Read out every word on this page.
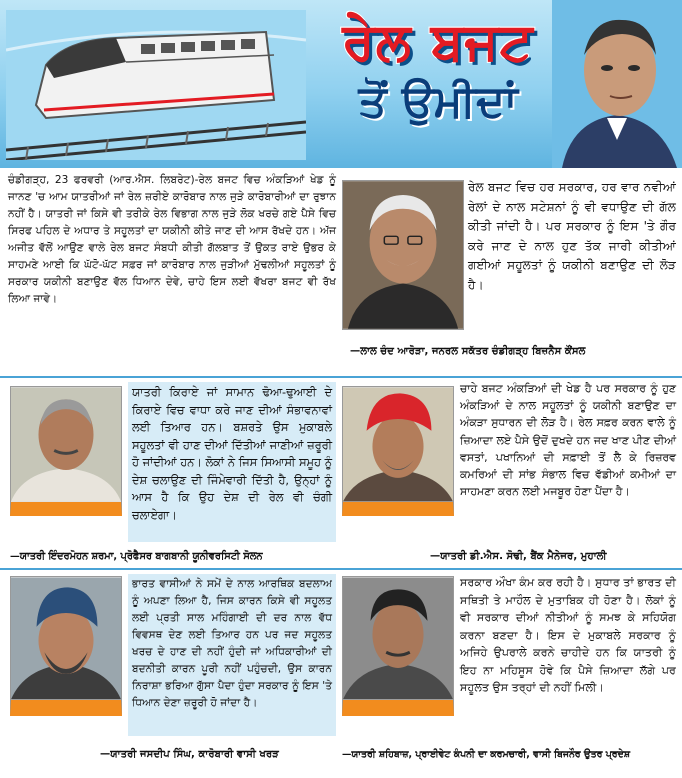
ਰੇਲ ਬਜਟ
ਤੋਂ ਉਮੀਦਾਂ
ਚੰਡੀਗੜ੍ਹ, 23 ਫਰਵਰੀ (ਆਰ.ਐਸ. ਲਿਬਰੇਟ)-ਰੇਲ ਬਜਟ ਵਿਚ ਅੰਕੜਿਆਂ ਖੇਡ ਨੂੰ ਜਾਨਣ 'ਚ ਆਮ ਯਾਤਰੀਆਂ ਜਾਂ ਰੇਲ ਜ਼ਰੀਏ ਕਾਰੋਬਾਰ ਨਾਲ ਜੁੜੇ ਕਾਰੋਬਾਰੀਆਂ ਦਾ ਰੁਝਾਨ ਨਹੀਂ ਹੈ। ਯਾਤਰੀ ਜਾਂ ਕਿਸੇ ਵੀ ਤਰੀਕੇ ਰੇਲ ਵਿਭਾਗ ਨਾਲ ਜੁੜੇ ਲੋਕ ਖਰਚੇ ਗਏ ਪੈਸੇ ਵਿਚ ਸਿਰਫ ਪਹਿਲ ਦੇ ਅਧਾਰ ਤੇ ਸਹੂਲਤਾਂ ਦਾ ਯਕੀਨੀ ਕੀਤੇ ਜਾਣ ਦੀ ਆਸ ਰੱਖਦੇ ਹਨ। ਅੱਜ ਅਜੀਤ ਵੱਲੋਂ ਆਉਣ ਵਾਲੇ ਰੇਲ ਬਜਟ ਸੰਬਧੀ ਕੀਤੀ ਗੱਲਬਾਤ ਤੋਂ ਉਕਤ ਰਾਏ ਉਭਰ ਕੇ ਸਾਹਮਣੇ ਆਈ ਕਿ ਘੱਟੋ-ਘੱਟ ਸਫ਼ਰ ਜਾਂ ਕਾਰੋਬਾਰ ਨਾਲ ਜੁੜੀਆਂ ਮੁੱਢਲੀਆਂ ਸਹੂਲਤਾਂ ਨੂੰ ਸਰਕਾਰ ਯਕੀਨੀ ਬਣਾਉਣ ਵੱਲ ਧਿਆਨ ਦੇਵੇ, ਚਾਹੇ ਇਸ ਲਈ ਵੱਖਰਾ ਬਜਟ ਵੀ ਰੱਖ ਲਿਆ ਜਾਵੇ।
ਰੇਲ ਬਜਟ ਵਿਚ ਹਰ ਸਰਕਾਰ, ਹਰ ਵਾਰ ਨਵੀਆਂ ਰੇਲਾਂ ਦੇ ਨਾਲ ਸਟੇਸ਼ਨਾਂ ਨੂੰ ਵੀ ਵਧਾਉਣ ਦੀ ਗੱਲ ਕੀਤੀ ਜਾਂਦੀ ਹੈ। ਪਰ ਸਰਕਾਰ ਨੂੰ ਇਸ 'ਤੇ ਗੌਰ ਕਰੇ ਜਾਣ ਦੇ ਨਾਲ ਹੁਣ ਤੱਕ ਜਾਰੀ ਕੀਤੀਆਂ ਗਈਆਂ ਸਹੂਲਤਾਂ ਨੂੰ ਯਕੀਨੀ ਬਣਾਉਣ ਦੀ ਲੋੜ ਹੈ।
—ਲਾਲ ਚੰਦ ਆਰੋੜਾ, ਜਨਰਲ ਸਕੱਤਰ ਚੰਡੀਗੜ੍ਹ ਬਿਜ਼ਨੈਸ ਕੌਂਸਲ
ਯਾਤਰੀ ਕਿਰਾਏ ਜਾਂ ਸਾਮਾਨ ਢੋਆ-ਢੁਆਈ ਦੇ ਕਿਰਾਏ ਵਿਚ ਵਾਧਾ ਕਰੇ ਜਾਣ ਦੀਆਂ ਸੰਭਾਵਨਾਵਾਂ ਲਈ ਤਿਆਰ ਹਨ। ਬਸ਼ਰਤੇ ਉਸ ਮੁਕਾਬਲੇ ਸਹੂਲਤਾਂ ਵੀ ਹਾਣ ਦੀਆਂ ਦਿੱਤੀਆਂ ਜਾਣੀਆਂ ਜ਼ਰੂਰੀ ਹੋ ਜਾਂਦੀਆਂ ਹਨ। ਲੋਕਾਂ ਨੇ ਜਿਸ ਸਿਆਸੀ ਸਮੂਹ ਨੂੰ ਦੇਸ਼ ਚਲਾਉਣ ਦੀ ਜਿੰਮੇਵਾਰੀ ਦਿੱਤੀ ਹੈ, ਉਨ੍ਹਾਂ ਨੂੰ ਆਸ ਹੈ ਕਿ ਉਹ ਦੇਸ਼ ਦੀ ਰੇਲ ਵੀ ਚੰਗੀ ਚਲਾਏਗਾ।
—ਯਾਤਰੀ ਇੰਦਰਮੋਹਨ ਸ਼ਰਮਾ, ਪ੍ਰੋਫੈਸਰ ਬਾਗਬਾਨੀ ਯੂਨੀਵਰਸਿਟੀ ਸੋਲਨ
ਚਾਹੇ ਬਜਟ ਅੰਕੜਿਆਂ ਦੀ ਖੇਡ ਹੈ ਪਰ ਸਰਕਾਰ ਨੂੰ ਹੁਣ ਅੰਕੜਿਆਂ ਦੇ ਨਾਲ ਸਹੂਲਤਾਂ ਨੂੰ ਯਕੀਨੀ ਬਣਾਉਣ ਦਾ ਅੰਕੜਾ ਸੁਧਾਰਨ ਦੀ ਲੋੜ ਹੈ। ਰੇਲ ਸਫ਼ਰ ਕਰਨ ਵਾਲੇ ਨੂੰ ਜ਼ਿਆਦਾ ਲਏ ਪੈਸੇ ਉਦੋਂ ਦੁਖਦੇ ਹਨ ਜਦ ਖਾਣ ਪੀਣ ਦੀਆਂ ਵਸਤਾਂ, ਪਖਾਨਿਆਂ ਦੀ ਸਫ਼ਾਈ ਤੋਂ ਲੈ ਕੇ ਰਿਜ਼ਰਵ ਕਮਰਿਆਂ ਦੀ ਸਾਂਭ ਸੰਭਾਲ ਵਿਚ ਵੱਡੀਆਂ ਕਮੀਆਂ ਦਾ ਸਾਹਮਣਾ ਕਰਨ ਲਈ ਮਜਬੂਰ ਹੋਣਾ ਪੈਂਦਾ ਹੈ।
—ਯਾਤਰੀ ਡੀ.ਐਸ. ਸੋਢੀ, ਬੈਂਕ ਮੈਨੇਜਰ, ਮੁਹਾਲੀ
ਭਾਰਤ ਵਾਸੀਆਂ ਨੇ ਸਮੇਂ ਦੇ ਨਾਲ ਆਰਥਿਕ ਬਦਲਾਅ ਨੂੰ ਅਪਣਾ ਲਿਆ ਹੈ, ਜਿਸ ਕਾਰਨ ਕਿਸੇ ਵੀ ਸਹੂਲਤ ਲਈ ਪ੍ਰਤੀ ਸਾਲ ਮਹਿੰਗਾਈ ਦੀ ਦਰ ਨਾਲ ਵੱਧ ਵਿਵਸਥ ਦੇਣ ਲਈ ਤਿਆਰ ਹਨ ਪਰ ਜਦ ਸਹੂਲਤ ਖਰਚ ਦੇ ਹਾਣ ਦੀ ਨਹੀਂ ਹੁੰਦੀ ਜਾਂ ਅਧਿਕਾਰੀਆਂ ਦੀ ਬਦਨੀਤੀ ਕਾਰਨ ਪੂਰੀ ਨਹੀਂ ਪਹੁੰਚਦੀ, ਉਸ ਕਾਰਨ ਨਿਰਾਸ਼ਾ ਭਰਿਆ ਗੁੱਸਾ ਪੈਦਾ ਹੁੰਦਾ ਸਰਕਾਰ ਨੂੰ ਇਸ 'ਤੇ ਧਿਆਨ ਦੇਣਾ ਜ਼ਰੂਰੀ ਹੋ ਜਾਂਦਾ ਹੈ।
—ਯਾਤਰੀ ਜਸਦੀਪ ਸਿੰਘ, ਕਾਰੋਬਾਰੀ ਵਾਸੀ ਖਰੜ
ਸਰਕਾਰ ਔਖਾ ਕੰਮ ਕਰ ਰਹੀ ਹੈ। ਸੁਧਾਰ ਤਾਂ ਭਾਰਤ ਦੀ ਸਥਿਤੀ ਤੇ ਮਾਹੌਲ ਦੇ ਮੁਤਾਬਿਕ ਹੀ ਹੋਣਾ ਹੈ। ਲੋਕਾਂ ਨੂੰ ਵੀ ਸਰਕਾਰ ਦੀਆਂ ਨੀਤੀਆਂ ਨੂੰ ਸਮਝ ਕੇ ਸਹਿਯੋਗ ਕਰਨਾ ਬਣਦਾ ਹੈ। ਇਸ ਦੇ ਮੁਕਾਬਲੇ ਸਰਕਾਰ ਨੂੰ ਅਜਿਹੇ ਉਪਰਾਲੇ ਕਰਨੇ ਚਾਹੀਦੇ ਹਨ ਕਿ ਯਾਤਰੀ ਨੂੰ ਇਹ ਨਾ ਮਹਿਸੂਸ ਹੋਵੇ ਕਿ ਪੈਸੇ ਜ਼ਿਆਦਾ ਲੱਗੇ ਪਰ ਸਹੂਲਤ ਉਸ ਤਰ੍ਹਾਂ ਦੀ ਨਹੀਂ ਮਿਲੀ।
—ਯਾਤਰੀ ਸ਼ਹਿਬਾਜ਼, ਪ੍ਰਾਈਵੇਟ ਕੰਪਨੀ ਦਾ ਕਰਮਚਾਰੀ, ਵਾਸੀ ਬਿਜਨੌਰ ਉਤਰ ਪ੍ਰਦੇਸ਼
